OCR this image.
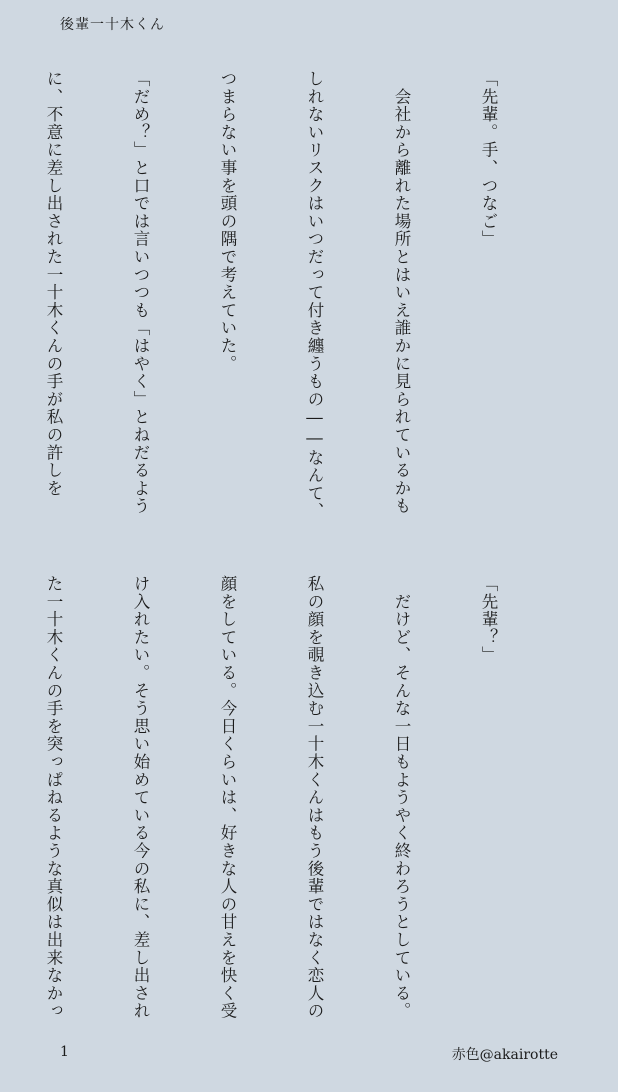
後輩一十木くん

「先輩。手、つなご」

　会社から離れた場所とはいえ誰かに見られているかも

しれないリスクはいつだって付き纏うもの――なんて、

つまらない事を頭の隅で考えていた。

「だめ？」と口では言いつつも「はやく」とねだるよう

に、不意に差し出された一十木くんの手が私の許しを

「先輩？」

　だけど、そんな一日もようやく終わろうとしている。

私の顔を覗き込む一十木くんはもう後輩ではなく恋人の

顔をしている。今日くらいは、好きな人の甘えを快く受

け入れたい。そう思い始めている今の私に、差し出され

た一十木くんの手を突っぱねるような真似は出来なかっ

1	赤色@akairotte
